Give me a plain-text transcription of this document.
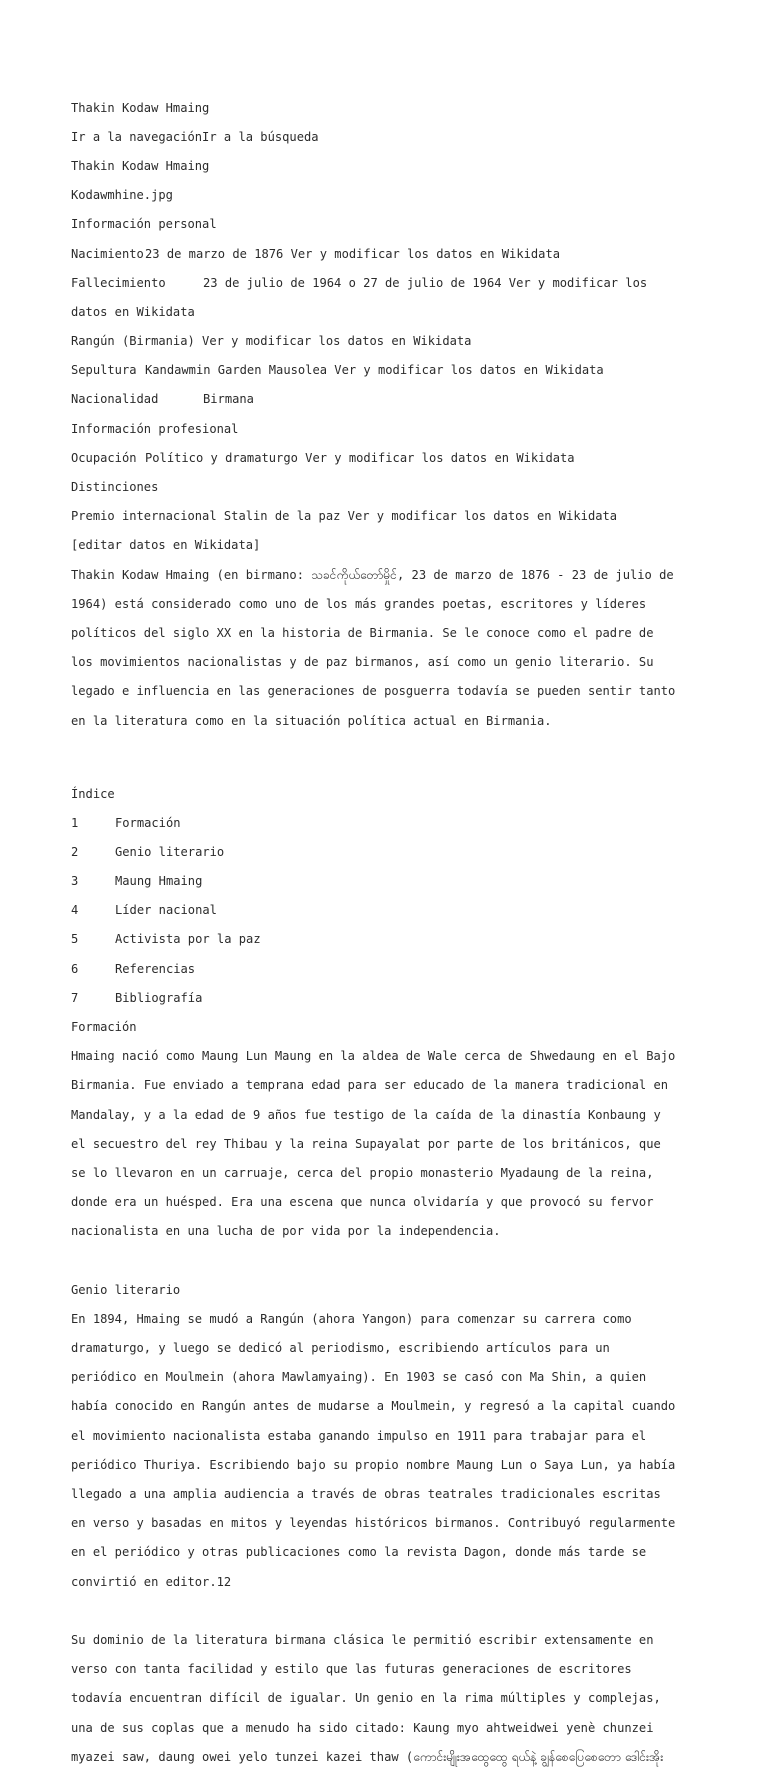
Thakin Kodaw Hmaing

Ir a la navegaciónIr a la búsqueda

Thakin Kodaw Hmaing

Kodawmhine.jpg

Información personal

Nacimiento23 de marzo de 1876 Ver y modificar los datos en Wikidata

Fallecimiento	23 de julio de 1964 o 27 de julio de 1964 Ver y modificar los

datos en Wikidata

Rangún (Birmania) Ver y modificar los datos en Wikidata

Sepultura Kandawmin Garden Mausolea Ver y modificar los datos en Wikidata

Nacionalidad	Birmana

Información profesional

Ocupación Político y dramaturgo Ver y modificar los datos en Wikidata

Distinciones

Premio internacional Stalin de la paz Ver y modificar los datos en Wikidata

[editar datos en Wikidata]

Thakin Kodaw Hmaing (en birmano: သခင်ကိုယ်တော်မှိုင်, 23 de marzo de 1876 - 23 de julio de

1964) está considerado como uno de los más grandes poetas, escritores y líderes

políticos del siglo XX en la historia de Birmania. Se le conoce como el padre de

los movimientos nacionalistas y de paz birmanos, así como un genio literario. Su

legado e influencia en las generaciones de posguerra todavía se pueden sentir tanto

en la literatura como en la situación política actual en Birmania.

Índice

1	Formación

2	Genio literario

3	Maung Hmaing

4	Líder nacional

5	Activista por la paz

6	Referencias

7	Bibliografía

Formación

Hmaing nació como Maung Lun Maung en la aldea de Wale cerca de Shwedaung en el Bajo

Birmania. Fue enviado a temprana edad para ser educado de la manera tradicional en

Mandalay, y a la edad de 9 años fue testigo de la caída de la dinastía Konbaung y

el secuestro del rey Thibau y la reina Supayalat por parte de los británicos, que

se lo llevaron en un carruaje, cerca del propio monasterio Myadaung de la reina,

donde era un huésped. Era una escena que nunca olvidaría y que provocó su fervor

nacionalista en una lucha de por vida por la independencia.

Genio literario

En 1894, Hmaing se mudó a Rangún (ahora Yangon) para comenzar su carrera como

dramaturgo, y luego se dedicó al periodismo, escribiendo artículos para un

periódico en Moulmein (ahora Mawlamyaing). En 1903 se casó con Ma Shin, a quien

había conocido en Rangún antes de mudarse a Moulmein, y regresó a la capital cuando

el movimiento nacionalista estaba ganando impulso en 1911 para trabajar para el

periódico Thuriya. Escribiendo bajo su propio nombre Maung Lun o Saya Lun, ya había

llegado a una amplia audiencia a través de obras teatrales tradicionales escritas

en verso y basadas en mitos y leyendas históricos birmanos. Contribuyó regularmente

en el periódico y otras publicaciones como la revista Dagon, donde más tarde se

convirtió en editor.12

Su dominio de la literatura birmana clásica le permitió escribir extensamente en

verso con tanta facilidad y estilo que las futuras generaciones de escritores

todavía encuentran difícil de igualar. Un genio en la rima múltiples y complejas,

una de sus coplas que a menudo ha sido citado: Kaung myo ahtweidwei yenè chunzei

myazei saw, daung owei yelo tunzei kazei thaw (ကောင်းမျိုးအထွေထွေ ရယ်နဲ့ ချွန်စေပြေစေတော ဒေါင်းအိုး
